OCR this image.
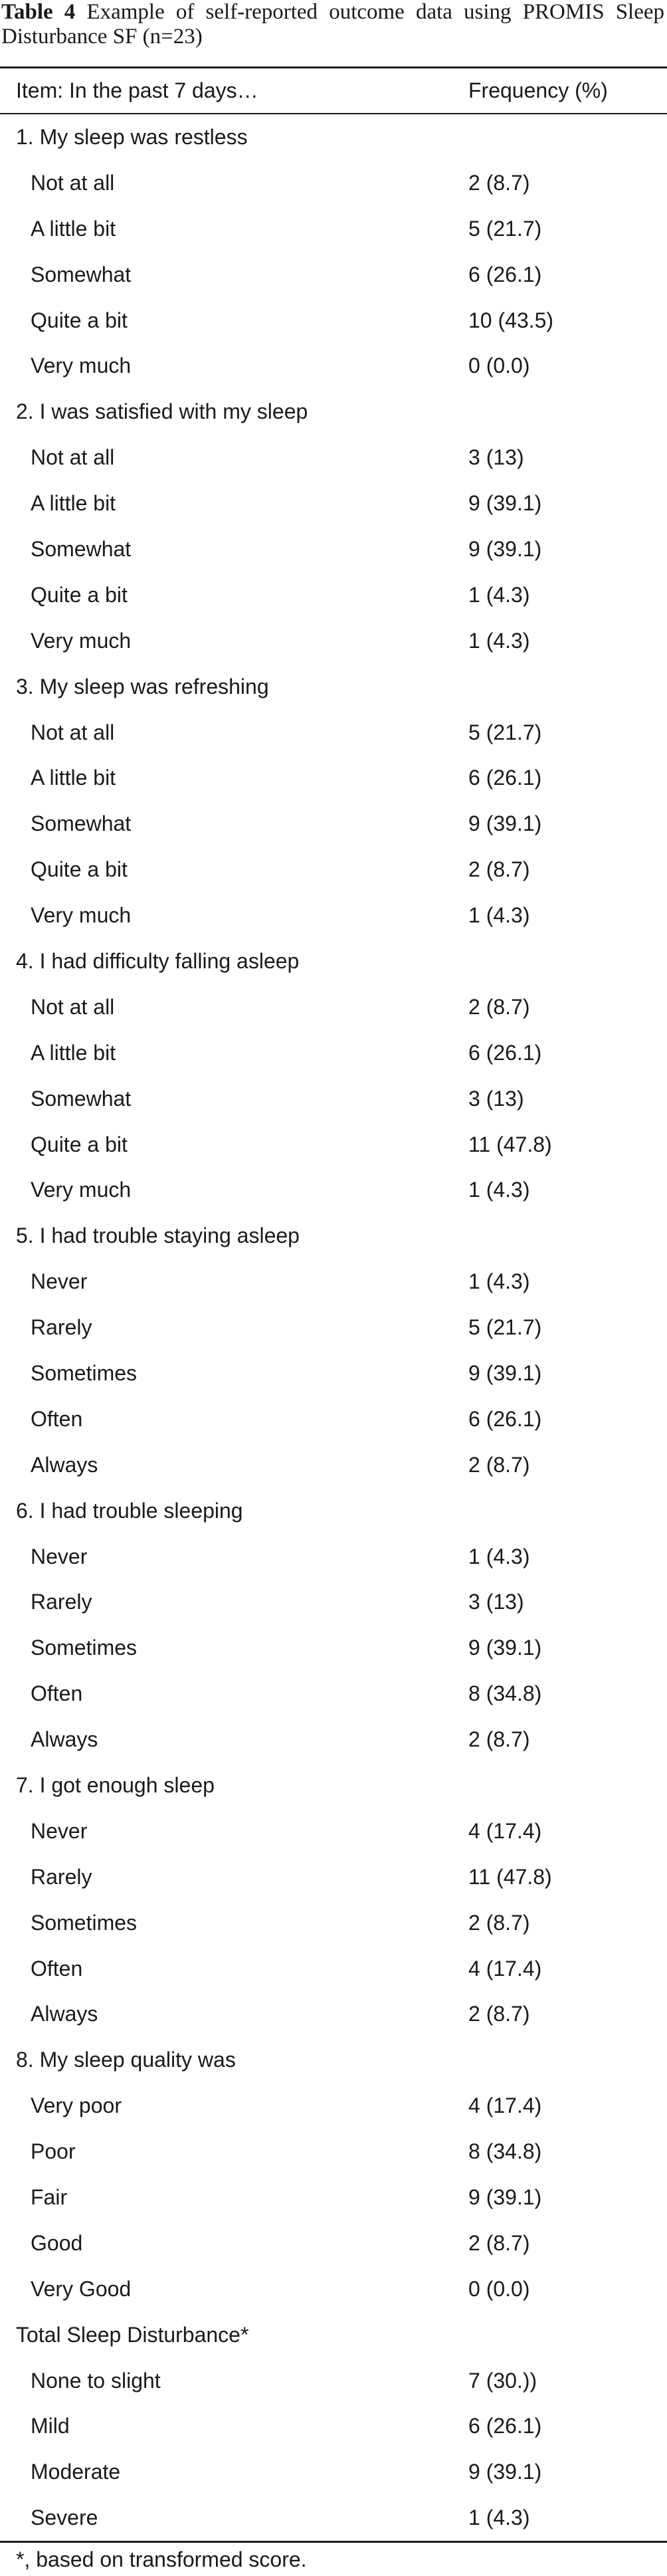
Table 4 Example of self-reported outcome data using PROMIS Sleep Disturbance SF (n=23)
Item: In the past 7 days…	Frequency (%)
1. My sleep was restless
Not at all	2 (8.7)
A little bit	5 (21.7)
Somewhat	6 (26.1)
Quite a bit	10 (43.5)
Very much	0 (0.0)
2. I was satisfied with my sleep
Not at all	3 (13)
A little bit	9 (39.1)
Somewhat	9 (39.1)
Quite a bit	1 (4.3)
Very much	1 (4.3)
3. My sleep was refreshing
Not at all	5 (21.7)
A little bit	6 (26.1)
Somewhat	9 (39.1)
Quite a bit	2 (8.7)
Very much	1 (4.3)
4. I had difficulty falling asleep
Not at all	2 (8.7)
A little bit	6 (26.1)
Somewhat	3 (13)
Quite a bit	11 (47.8)
Very much	1 (4.3)
5. I had trouble staying asleep
Never	1 (4.3)
Rarely	5 (21.7)
Sometimes	9 (39.1)
Often	6 (26.1)
Always	2 (8.7)
6. I had trouble sleeping
Never	1 (4.3)
Rarely	3 (13)
Sometimes	9 (39.1)
Often	8 (34.8)
Always	2 (8.7)
7. I got enough sleep
Never	4 (17.4)
Rarely	11 (47.8)
Sometimes	2 (8.7)
Often	4 (17.4)
Always	2 (8.7)
8. My sleep quality was
Very poor	4 (17.4)
Poor	8 (34.8)
Fair	9 (39.1)
Good	2 (8.7)
Very Good	0 (0.0)
Total Sleep Disturbance*
None to slight	7 (30.))
Mild	6 (26.1)
Moderate	9 (39.1)
Severe	1 (4.3)
*, based on transformed score.
